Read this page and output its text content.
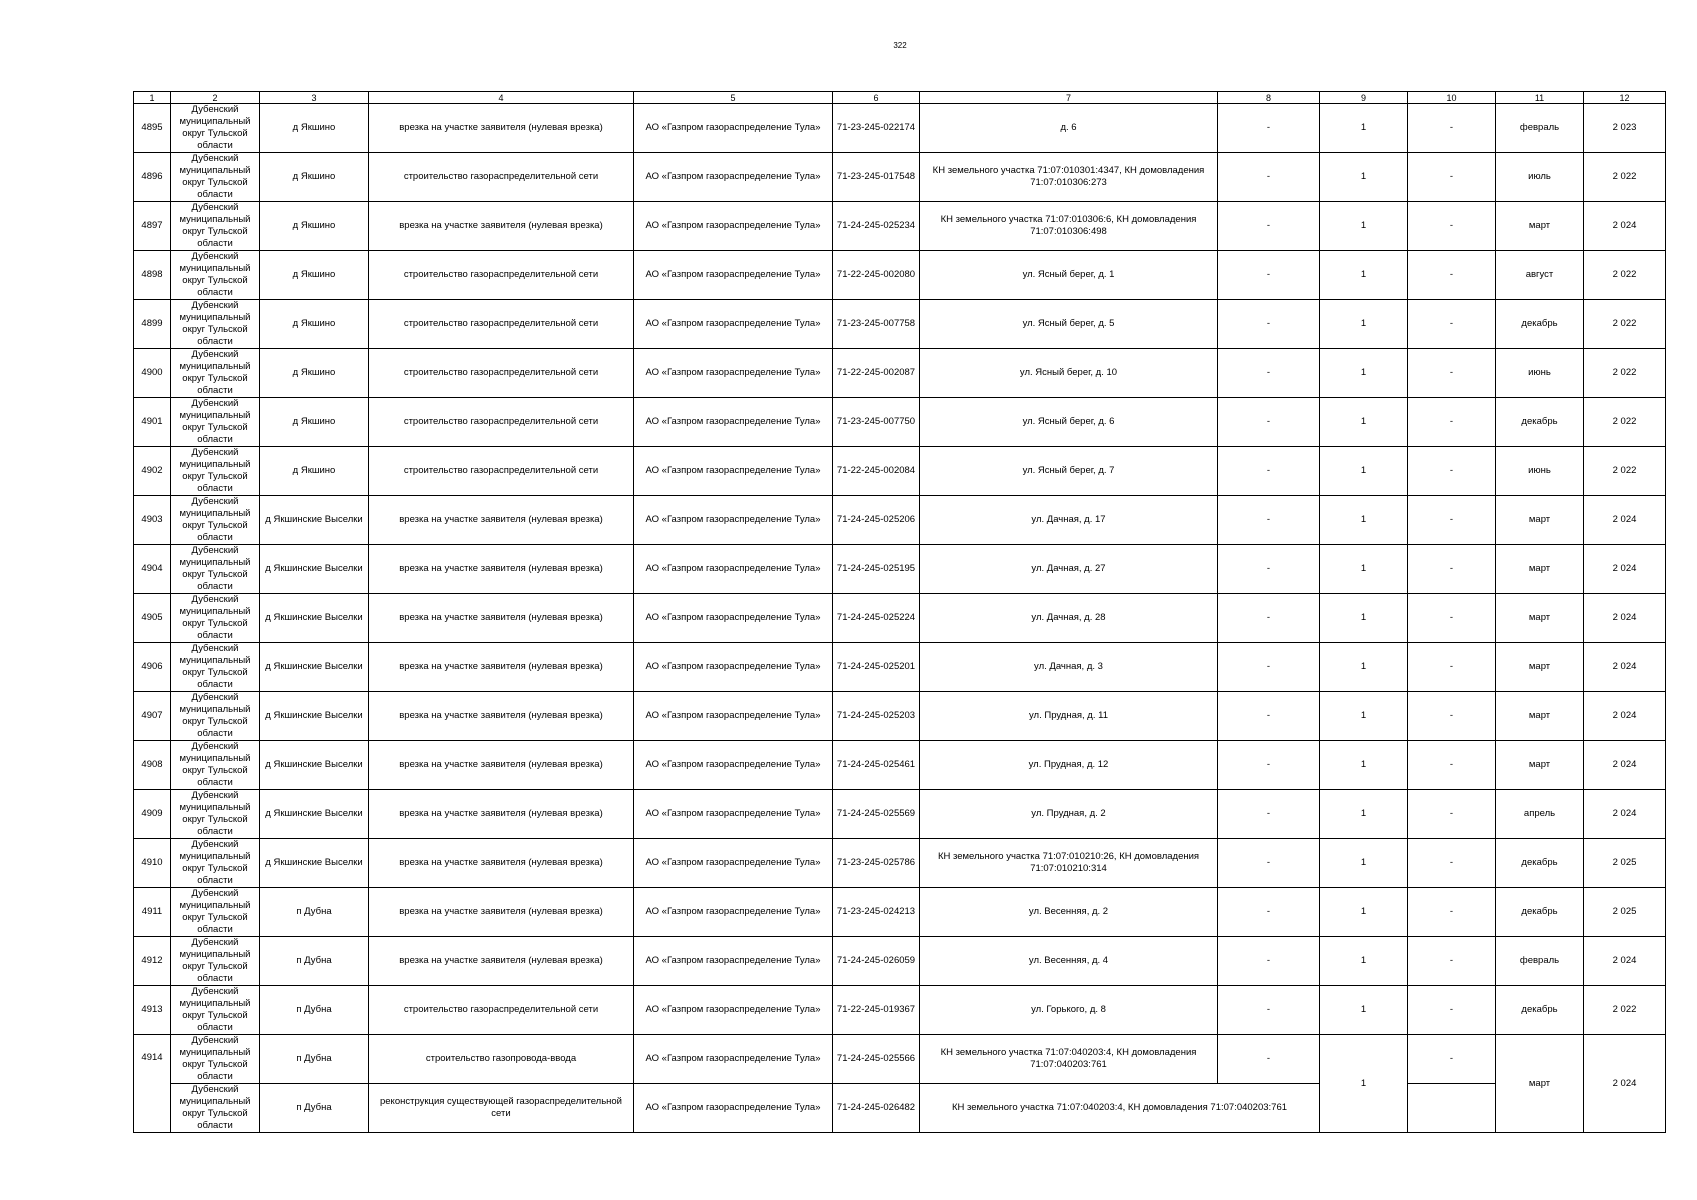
322
1	2	3	4	5	6	7	8	9	10	11	12
4895	Дубенский муниципальный округ Тульской области	д Якшино	врезка на участке заявителя (нулевая врезка)	АО «Газпром газораспределение Тула»	71-23-245-022174	д. 6	-	1	-	февраль	2 023
4896	Дубенский муниципальный округ Тульской области	д Якшино	строительство газораспределительной сети	АО «Газпром газораспределение Тула»	71-23-245-017548	КН земельного участка 71:07:010301:4347, КН домовладения 71:07:010306:273	-	1	-	июль	2 022
4897	Дубенский муниципальный округ Тульской области	д Якшино	врезка на участке заявителя (нулевая врезка)	АО «Газпром газораспределение Тула»	71-24-245-025234	КН земельного участка 71:07:010306:6, КН домовладения 71:07:010306:498	-	1	-	март	2 024
4898	Дубенский муниципальный округ Тульской области	д Якшино	строительство газораспределительной сети	АО «Газпром газораспределение Тула»	71-22-245-002080	ул. Ясный берег, д. 1	-	1	-	август	2 022
4899	Дубенский муниципальный округ Тульской области	д Якшино	строительство газораспределительной сети	АО «Газпром газораспределение Тула»	71-23-245-007758	ул. Ясный берег, д. 5	-	1	-	декабрь	2 022
4900	Дубенский муниципальный округ Тульской области	д Якшино	строительство газораспределительной сети	АО «Газпром газораспределение Тула»	71-22-245-002087	ул. Ясный берег, д. 10	-	1	-	июнь	2 022
4901	Дубенский муниципальный округ Тульской области	д Якшино	строительство газораспределительной сети	АО «Газпром газораспределение Тула»	71-23-245-007750	ул. Ясный берег, д. 6	-	1	-	декабрь	2 022
4902	Дубенский муниципальный округ Тульской области	д Якшино	строительство газораспределительной сети	АО «Газпром газораспределение Тула»	71-22-245-002084	ул. Ясный берег, д. 7	-	1	-	июнь	2 022
4903	Дубенский муниципальный округ Тульской области	д Якшинские Выселки	врезка на участке заявителя (нулевая врезка)	АО «Газпром газораспределение Тула»	71-24-245-025206	ул. Дачная, д. 17	-	1	-	март	2 024
4904	Дубенский муниципальный округ Тульской области	д Якшинские Выселки	врезка на участке заявителя (нулевая врезка)	АО «Газпром газораспределение Тула»	71-24-245-025195	ул. Дачная, д. 27	-	1	-	март	2 024
4905	Дубенский муниципальный округ Тульской области	д Якшинские Выселки	врезка на участке заявителя (нулевая врезка)	АО «Газпром газораспределение Тула»	71-24-245-025224	ул. Дачная, д. 28	-	1	-	март	2 024
4906	Дубенский муниципальный округ Тульской области	д Якшинские Выселки	врезка на участке заявителя (нулевая врезка)	АО «Газпром газораспределение Тула»	71-24-245-025201	ул. Дачная, д. 3	-	1	-	март	2 024
4907	Дубенский муниципальный округ Тульской области	д Якшинские Выселки	врезка на участке заявителя (нулевая врезка)	АО «Газпром газораспределение Тула»	71-24-245-025203	ул. Прудная, д. 11	-	1	-	март	2 024
4908	Дубенский муниципальный округ Тульской области	д Якшинские Выселки	врезка на участке заявителя (нулевая врезка)	АО «Газпром газораспределение Тула»	71-24-245-025461	ул. Прудная, д. 12	-	1	-	март	2 024
4909	Дубенский муниципальный округ Тульской области	д Якшинские Выселки	врезка на участке заявителя (нулевая врезка)	АО «Газпром газораспределение Тула»	71-24-245-025569	ул. Прудная, д. 2	-	1	-	апрель	2 024
4910	Дубенский муниципальный округ Тульской области	д Якшинские Выселки	врезка на участке заявителя (нулевая врезка)	АО «Газпром газораспределение Тула»	71-23-245-025786	КН земельного участка 71:07:010210:26, КН домовладения 71:07:010210:314	-	1	-	декабрь	2 025
4911	Дубенский муниципальный округ Тульской области	п Дубна	врезка на участке заявителя (нулевая врезка)	АО «Газпром газораспределение Тула»	71-23-245-024213	ул. Весенняя, д. 2	-	1	-	декабрь	2 025
4912	Дубенский муниципальный округ Тульской области	п Дубна	врезка на участке заявителя (нулевая врезка)	АО «Газпром газораспределение Тула»	71-24-245-026059	ул. Весенняя, д. 4	-	1	-	февраль	2 024
4913	Дубенский муниципальный округ Тульской области	п Дубна	строительство газораспределительной сети	АО «Газпром газораспределение Тула»	71-22-245-019367	ул. Горького, д. 8	-	1	-	декабрь	2 022
4914	Дубенский муниципальный округ Тульской области	п Дубна	строительство газопровода-ввода	АО «Газпром газораспределение Тула»	71-24-245-025566	КН земельного участка 71:07:040203:4, КН домовладения 71:07:040203:761	-	1	-	март	2 024
	Дубенский муниципальный округ Тульской области	п Дубна	реконструкция существующей газораспределительной сети	АО «Газпром газораспределение Тула»	71-24-245-026482	КН земельного участка 71:07:040203:4, КН домовладения 71:07:040203:761					
